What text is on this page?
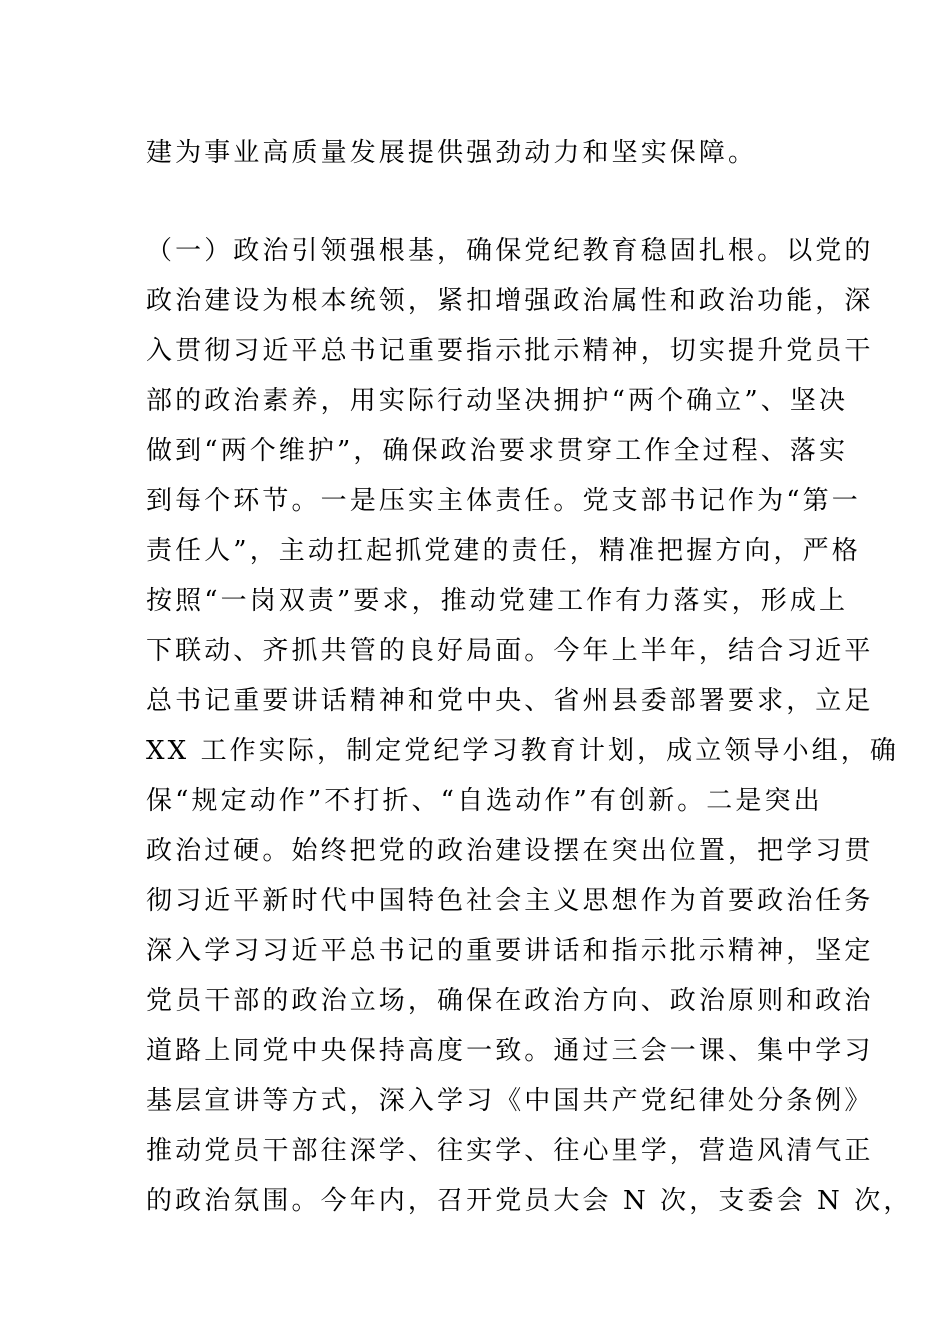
建为事业高质量发展提供强劲动力和坚实保障。
（一）政治引领强根基，确保党纪教育稳固扎根。以党的
政治建设为根本统领，紧扣增强政治属性和政治功能，深
入贯彻习近平总书记重要指示批示精神，切实提升党员干
部的政治素养，用实际行动坚决拥护“两个确立”、坚决
做到“两个维护”，确保政治要求贯穿工作全过程、落实
到每个环节。一是压实主体责任。党支部书记作为“第一
责任人”，主动扛起抓党建的责任，精准把握方向，严格
按照“一岗双责”要求，推动党建工作有力落实，形成上
下联动、齐抓共管的良好局面。今年上半年，结合习近平
总书记重要讲话精神和党中央、省州县委部署要求，立足
XX 工作实际，制定党纪学习教育计划，成立领导小组，确
保“规定动作”不打折、“自选动作”有创新。二是突出
政治过硬。始终把党的政治建设摆在突出位置，把学习贯
彻习近平新时代中国特色社会主义思想作为首要政治任务
深入学习习近平总书记的重要讲话和指示批示精神，坚定
党员干部的政治立场，确保在政治方向、政治原则和政治
道路上同党中央保持高度一致。通过三会一课、集中学习
基层宣讲等方式，深入学习《中国共产党纪律处分条例》
推动党员干部往深学、往实学、往心里学，营造风清气正
的政治氛围。今年内，召开党员大会 N 次，支委会 N 次，
